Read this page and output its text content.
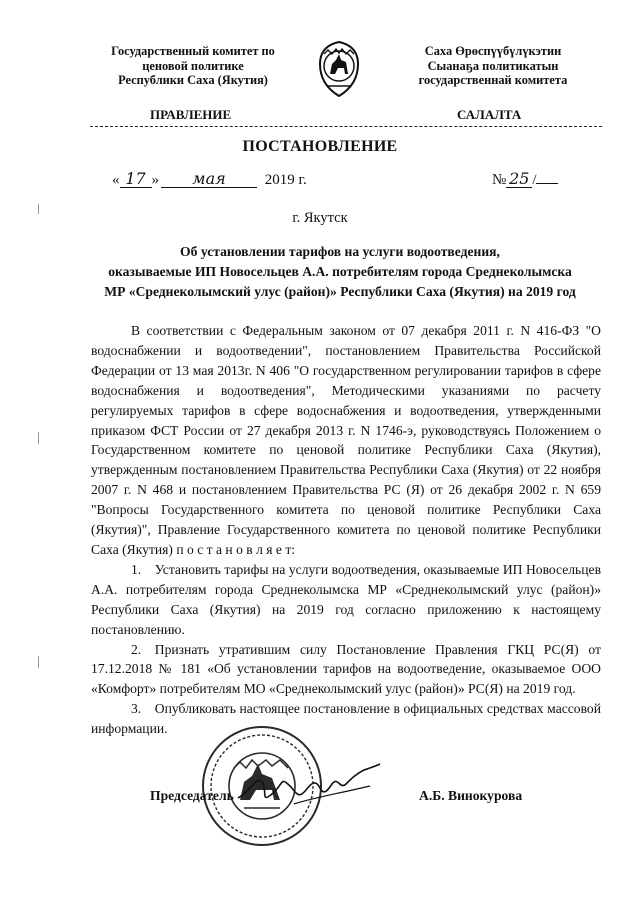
Государственный комитет по
ценовой политике
Республики Саха (Якутия)
Саха Өрөспүүбүлүкэтин
Сыанаҕа политикатын
государственнай комитета
ПРАВЛЕНИЕ	САЛАЛТА
ПОСТАНОВЛЕНИЕ
« 17 » мая	2019 г.	№ 25 /
г. Якутск
Об установлении тарифов на услуги водоотведения,
оказываемые ИП Новосельцев А.А. потребителям города Среднеколымска
МР «Среднеколымский улус (район)» Республики Саха (Якутия) на 2019 год

В соответствии с Федеральным законом от 07 декабря 2011 г. N 416-ФЗ "О водоснабжении и водоотведении", постановлением Правительства Российской Федерации от 13 мая 2013г. N 406 "О государственном регулировании тарифов в сфере водоснабжения и водоотведения", Методическими указаниями по расчету регулируемых тарифов в сфере водоснабжения и водоотведения, утвержденными приказом ФСТ России от 27 декабря 2013 г. N 1746-э, руководствуясь Положением о Государственном комитете по ценовой политике Республики Саха (Якутия), утвержденным постановлением Правительства Республики Саха (Якутия) от 22 ноября 2007 г. N 468 и постановлением Правительства РС (Я) от 26 декабря 2002 г. N 659 "Вопросы Государственного комитета по ценовой политике Республики Саха (Якутия)", Правление Государственного комитета по ценовой политике Республики Саха (Якутия) п о с т а н о в л я е т:

1. Установить тарифы на услуги водоотведения, оказываемые ИП Новосельцев А.А. потребителям города Среднеколымска МР «Среднеколымский улус (район)» Республики Саха (Якутия) на 2019 год согласно приложению к настоящему постановлению.

2. Признать утратившим силу Постановление Правления ГКЦ РС(Я) от 17.12.2018 № 181 «Об установлении тарифов на водоотведение, оказываемое ООО «Комфорт» потребителям МО «Среднеколымский улус (район)» РС(Я) на 2019 год.

3. Опубликовать настоящее постановление в официальных средствах массовой информации.

Председатель	А.Б. Винокурова
